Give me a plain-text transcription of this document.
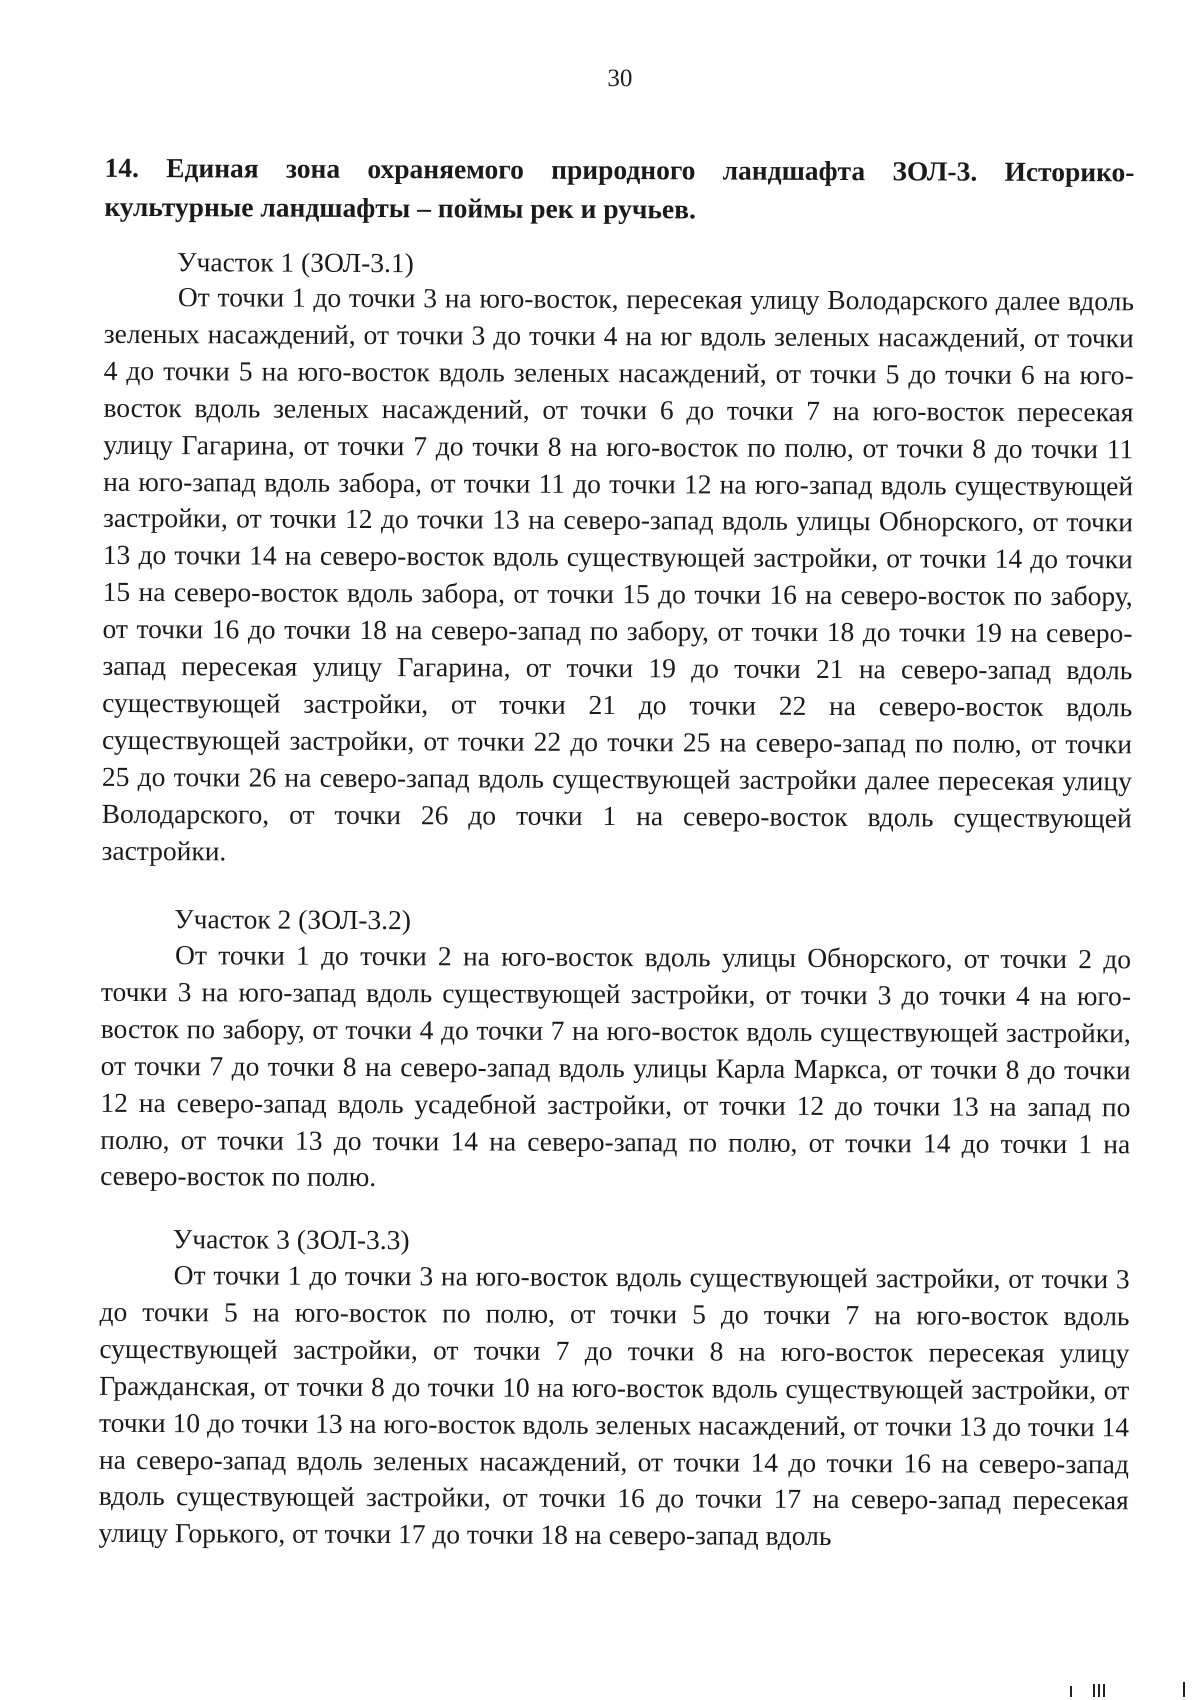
30

14. Единая зона охраняемого природного ландшафта ЗОЛ-3. Историко-культурные ландшафты – поймы рек и ручьев.

Участок 1 (ЗОЛ-3.1)

От точки 1 до точки 3 на юго-восток, пересекая улицу Володарского далее вдоль зеленых насаждений, от точки 3 до точки 4 на юг вдоль зеленых насаждений, от точки 4 до точки 5 на юго-восток вдоль зеленых насаждений, от точки 5 до точки 6 на юго-восток вдоль зеленых насаждений, от точки 6 до точки 7 на юго-восток пересекая улицу Гагарина, от точки 7 до точки 8 на юго-восток по полю, от точки 8 до точки 11 на юго-запад вдоль забора, от точки 11 до точки 12 на юго-запад вдоль существующей застройки, от точки 12 до точки 13 на северо-запад вдоль улицы Обнорского, от точки 13 до точки 14 на северо-восток вдоль существующей застройки, от точки 14 до точки 15 на северо-восток вдоль забора, от точки 15 до точки 16 на северо-восток по забору, от точки 16 до точки 18 на северо-запад по забору, от точки 18 до точки 19 на северо-запад пересекая улицу Гагарина, от точки 19 до точки 21 на северо-запад вдоль существующей застройки, от точки 21 до точки 22 на северо-восток вдоль существующей застройки, от точки 22 до точки 25 на северо-запад по полю, от точки 25 до точки 26 на северо-запад вдоль существующей застройки далее пересекая улицу Володарского, от точки 26 до точки 1 на северо-восток вдоль существующей застройки.

Участок 2 (ЗОЛ-3.2)

От точки 1 до точки 2 на юго-восток вдоль улицы Обнорского, от точки 2 до точки 3 на юго-запад вдоль существующей застройки, от точки 3 до точки 4 на юго-восток по забору, от точки 4 до точки 7 на юго-восток вдоль существующей застройки, от точки 7 до точки 8 на северо-запад вдоль улицы Карла Маркса, от точки 8 до точки 12 на северо-запад вдоль усадебной застройки, от точки 12 до точки 13 на запад по полю, от точки 13 до точки 14 на северо-запад по полю, от точки 14 до точки 1 на северо-восток по полю.

Участок 3 (ЗОЛ-3.3)

От точки 1 до точки 3 на юго-восток вдоль существующей застройки, от точки 3 до точки 5 на юго-восток по полю, от точки 5 до точки 7 на юго-восток вдоль существующей застройки, от точки 7 до точки 8 на юго-восток пересекая улицу Гражданская, от точки 8 до точки 10 на юго-восток вдоль существующей застройки, от точки 10 до точки 13 на юго-восток вдоль зеленых насаждений, от точки 13 до точки 14 на северо-запад вдоль зеленых насаждений, от точки 14 до точки 16 на северо-запад вдоль существующей застройки, от точки 16 до точки 17 на северо-запад пересекая улицу Горького, от точки 17 до точки 18 на северо-запад вдоль
